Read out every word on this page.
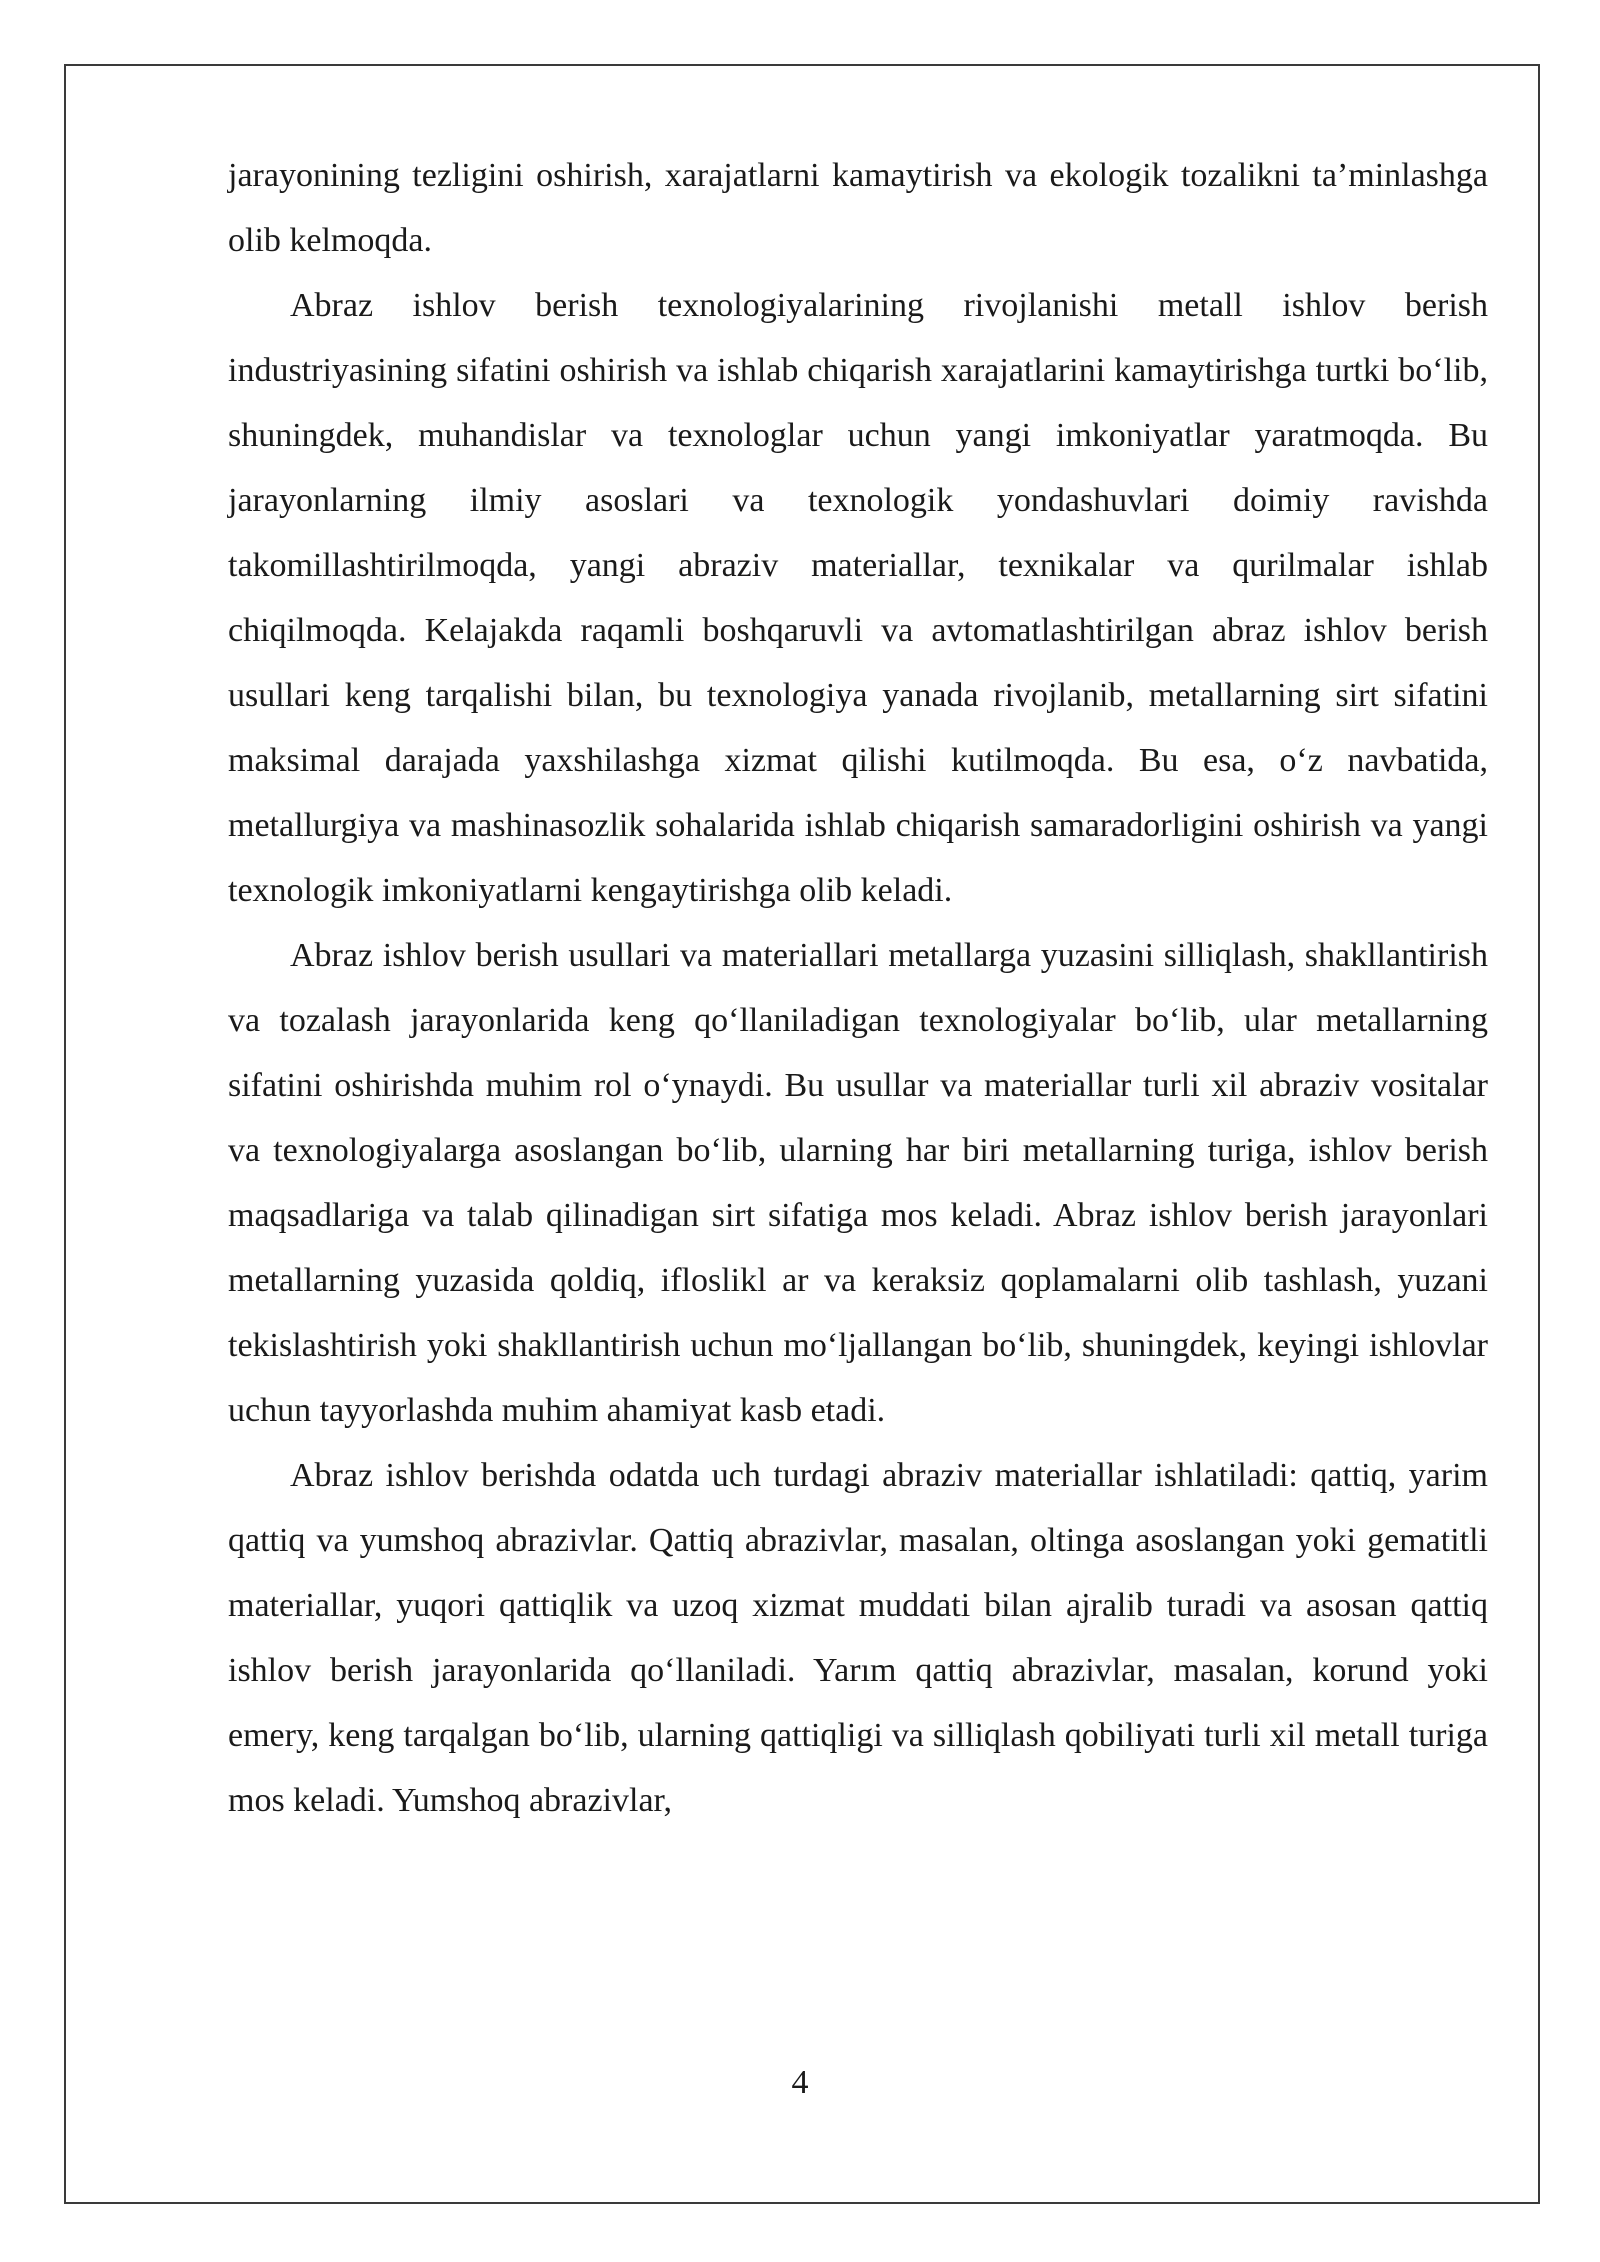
jarayonining tezligini oshirish, xarajatlarni kamaytirish va ekologik tozalikni ta’minlashga olib kelmoqda.

Abraz ishlov berish texnologiyalarining rivojlanishi metall ishlov berish industriyasining sifatini oshirish va ishlab chiqarish xarajatlarini kamaytirishga turtki bo‘lib, shuningdek, muhandislar va texnologlar uchun yangi imkoniyatlar yaratmoqda. Bu jarayonlarning ilmiy asoslari va texnologik yondashuvlari doimiy ravishda takomillashtirilmoqda, yangi abraziv materiallar, texnikalar va qurilmalar ishlab chiqilmoqda. Kelajakda raqamli boshqaruvli va avtomatlashtirilgan abraz ishlov berish usullari keng tarqalishi bilan, bu texnologiya yanada rivojlanib, metallarning sirt sifatini maksimal darajada yaxshilashga xizmat qilishi kutilmoqda. Bu esa, o‘z navbatida, metallurgiya va mashinasozlik sohalarida ishlab chiqarish samaradorligini oshirish va yangi texnologik imkoniyatlarni kengaytirishga olib keladi.

Abraz ishlov berish usullari va materiallari metallarga yuzasini silliqlash, shakllantirish va tozalash jarayonlarida keng qo‘llaniladigan texnologiyalar bo‘lib, ular metallarning sifatini oshirishda muhim rol o‘ynaydi. Bu usullar va materiallar turli xil abraziv vositalar va texnologiyalarga asoslangan bo‘lib, ularning har biri metallarning turiga, ishlov berish maqsadlariga va talab qilinadigan sirt sifatiga mos keladi. Abraz ishlov berish jarayonlari metallarning yuzasida qoldiq, ifloslikl ar va keraksiz qoplamalarni olib tashlash, yuzani tekislashtirish yoki shakllantirish uchun mo‘ljallangan bo‘lib, shuningdek, keyingi ishlovlar uchun tayyorlashda muhim ahamiyat kasb etadi.

Abraz ishlov berishda odatda uch turdagi abraziv materiallar ishlatiladi: qattiq, yarim qattiq va yumshoq abrazivlar. Qattiq abrazivlar, masalan, oltinga asoslangan yoki gematitli materiallar, yuqori qattiqlik va uzoq xizmat muddati bilan ajralib turadi va asosan qattiq ishlov berish jarayonlarida qo‘llaniladi. Yarım qattiq abrazivlar, masalan, korund yoki emery, keng tarqalgan bo‘lib, ularning qattiqligi va silliqlash qobiliyati turli xil metall turiga mos keladi. Yumshoq abrazivlar,

4
